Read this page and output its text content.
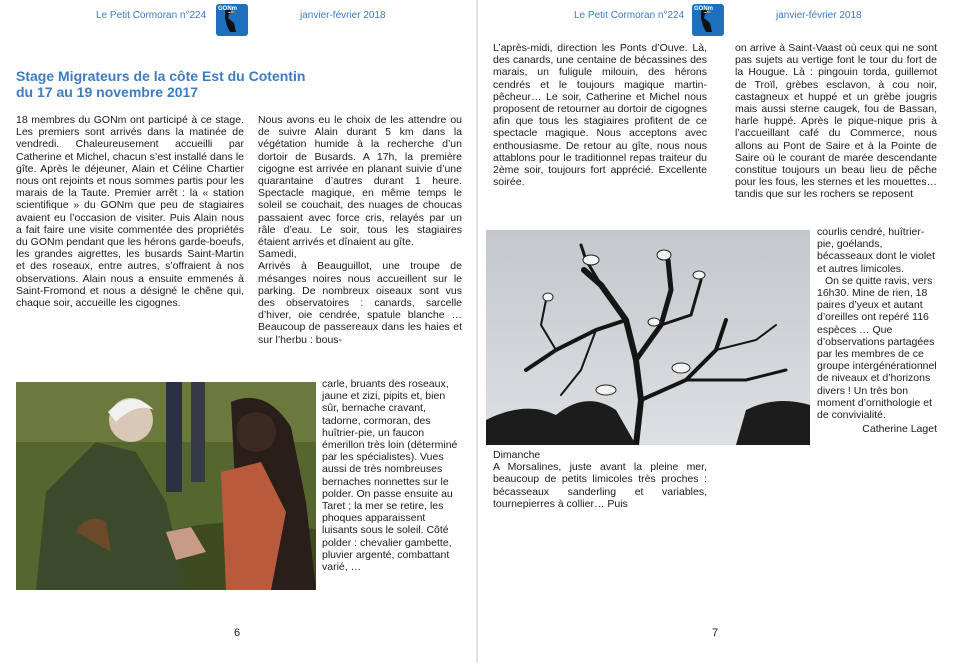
Le Petit Cormoran n°224
GONm
janvier-février 2018
Stage Migrateurs de la côte Est du Cotentin
du 17 au 19 novembre 2017

18 membres du GONm ont participé à ce stage. Les premiers sont arrivés dans la matinée de vendredi. Chaleureusement accueilli par Catherine et Michel, chacun s’est installé dans le gîte. Après le déjeuner, Alain et Céline Chartier nous ont rejoints et nous sommes partis pour les marais de la Taute. Premier arrêt : la « station scientifique » du GONm que peu de stagiaires avaient eu l’occasion de visiter. Puis Alain nous a fait faire une visite commentée des propriétés du GONm pendant que les hérons garde-boeufs, les grandes aigrettes, les busards Saint-Martin et des roseaux, entre autres, s’offraient à nos observations. Alain nous a ensuite emmenés à Saint-Fromond et nous a désigné le chêne qui, chaque soir, accueille les cigognes.

Nous avons eu le choix de les attendre ou de suivre Alain durant 5 km dans la végétation humide à la recherche d’un dortoir de Busards. A 17h, la première cigogne est arrivée en planant suivie d’une quarantaine d’autres durant 1 heure. Spectacle magique, en même temps le soleil se couchait, des nuages de choucas passaient avec force cris, relayés par un râle d’eau. Le soir, tous les stagiaires étaient arrivés et dînaient au gîte.

Samedi,

Arrivés à Beauguillot, une troupe de mésanges noires nous accueillent sur le parking. De nombreux oiseaux sont vus des observatoires : canards, sarcelle d’hiver, oie cendrée, spatule blanche … Beaucoup de passereaux dans les haies et sur l’herbu : bous-

carle, bruants des roseaux, jaune et zizi, pipits et, bien sûr, bernache cravant, tadorne, cormoran, des huîtrier-pie, un faucon émerillon très loin (déterminé par les spécialistes). Vues aussi de très nombreuses bernaches nonnettes sur le polder. On passe ensuite au Taret ; la mer se retire, les phoques apparaissent luisants sous le soleil. Côté polder : chevalier gambette, pluvier argenté, combattant varié, …

6
Le Petit Cormoran n°224
GONm
janvier-février 2018

L’après-midi, direction les Ponts d’Ouve. Là, des canards, une centaine de bécassines des marais, un fuligule milouin, des hérons cendrés et le toujours magique martin-pêcheur… Le soir, Catherine et Michel nous proposent de retourner au dortoir de cigognes afin que tous les stagiaires profitent de ce spectacle magique. Nous acceptons avec enthousiasme. De retour au gîte, nous nous attablons pour le traditionnel repas traiteur du 2ème soir, toujours fort apprécié. Excellente soirée.

Dimanche

A Morsalines, juste avant la pleine mer, beaucoup de petits limicoles très proches : bécasseaux sanderling et variables, tournepierres à collier… Puis

on arrive à Saint-Vaast où ceux qui ne sont pas sujets au vertige font le tour du fort de la Hougue. Là : pingouin torda, guillemot de Troïl, grèbes esclavon, à cou noir, castagneux et huppé et un grèbe jougris mais aussi sterne caugek, fou de Bassan, harle huppé. Après le pique-nique pris à l’accueillant café du Commerce, nous allons au Pont de Saire et à la Pointe de Saire où le courant de marée descendante constitue toujours un beau lieu de pêche pour les fous, les sternes et les mouettes… tandis que sur les rochers se reposent

courlis cendré, huîtrier-pie, goélands, bécasseaux dont le violet et autres limicoles.

On se quitte ravis, vers 16h30. Mine de rien, 18 paires d’yeux et autant d’oreilles ont repéré 116 espèces … Que d’observations partagées par les membres de ce groupe intergénérationnel de niveaux et d’horizons divers ! Un très bon moment d’ornithologie et de convivialité.

Catherine Laget

7
